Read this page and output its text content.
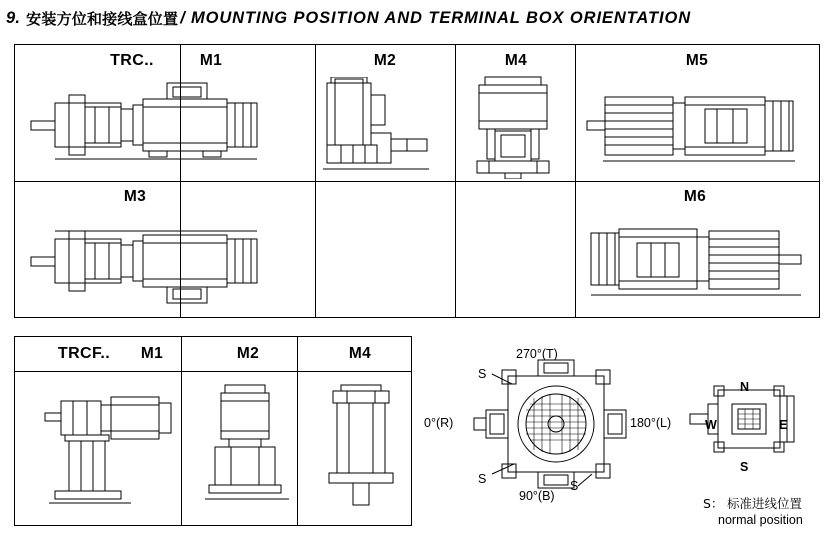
9. 安装方位和接线盒位置 / MOUNTING POSITION AND TERMINAL BOX ORIENTATION
TRC..	M1	M2	M4	M5
M3	M6
TRCF..	M1	M2	M4	270°(T)
0°(R)	180°(L)
90°(B)
S
S	S
N
W	E
S
S： 标准进线位置
normal position
